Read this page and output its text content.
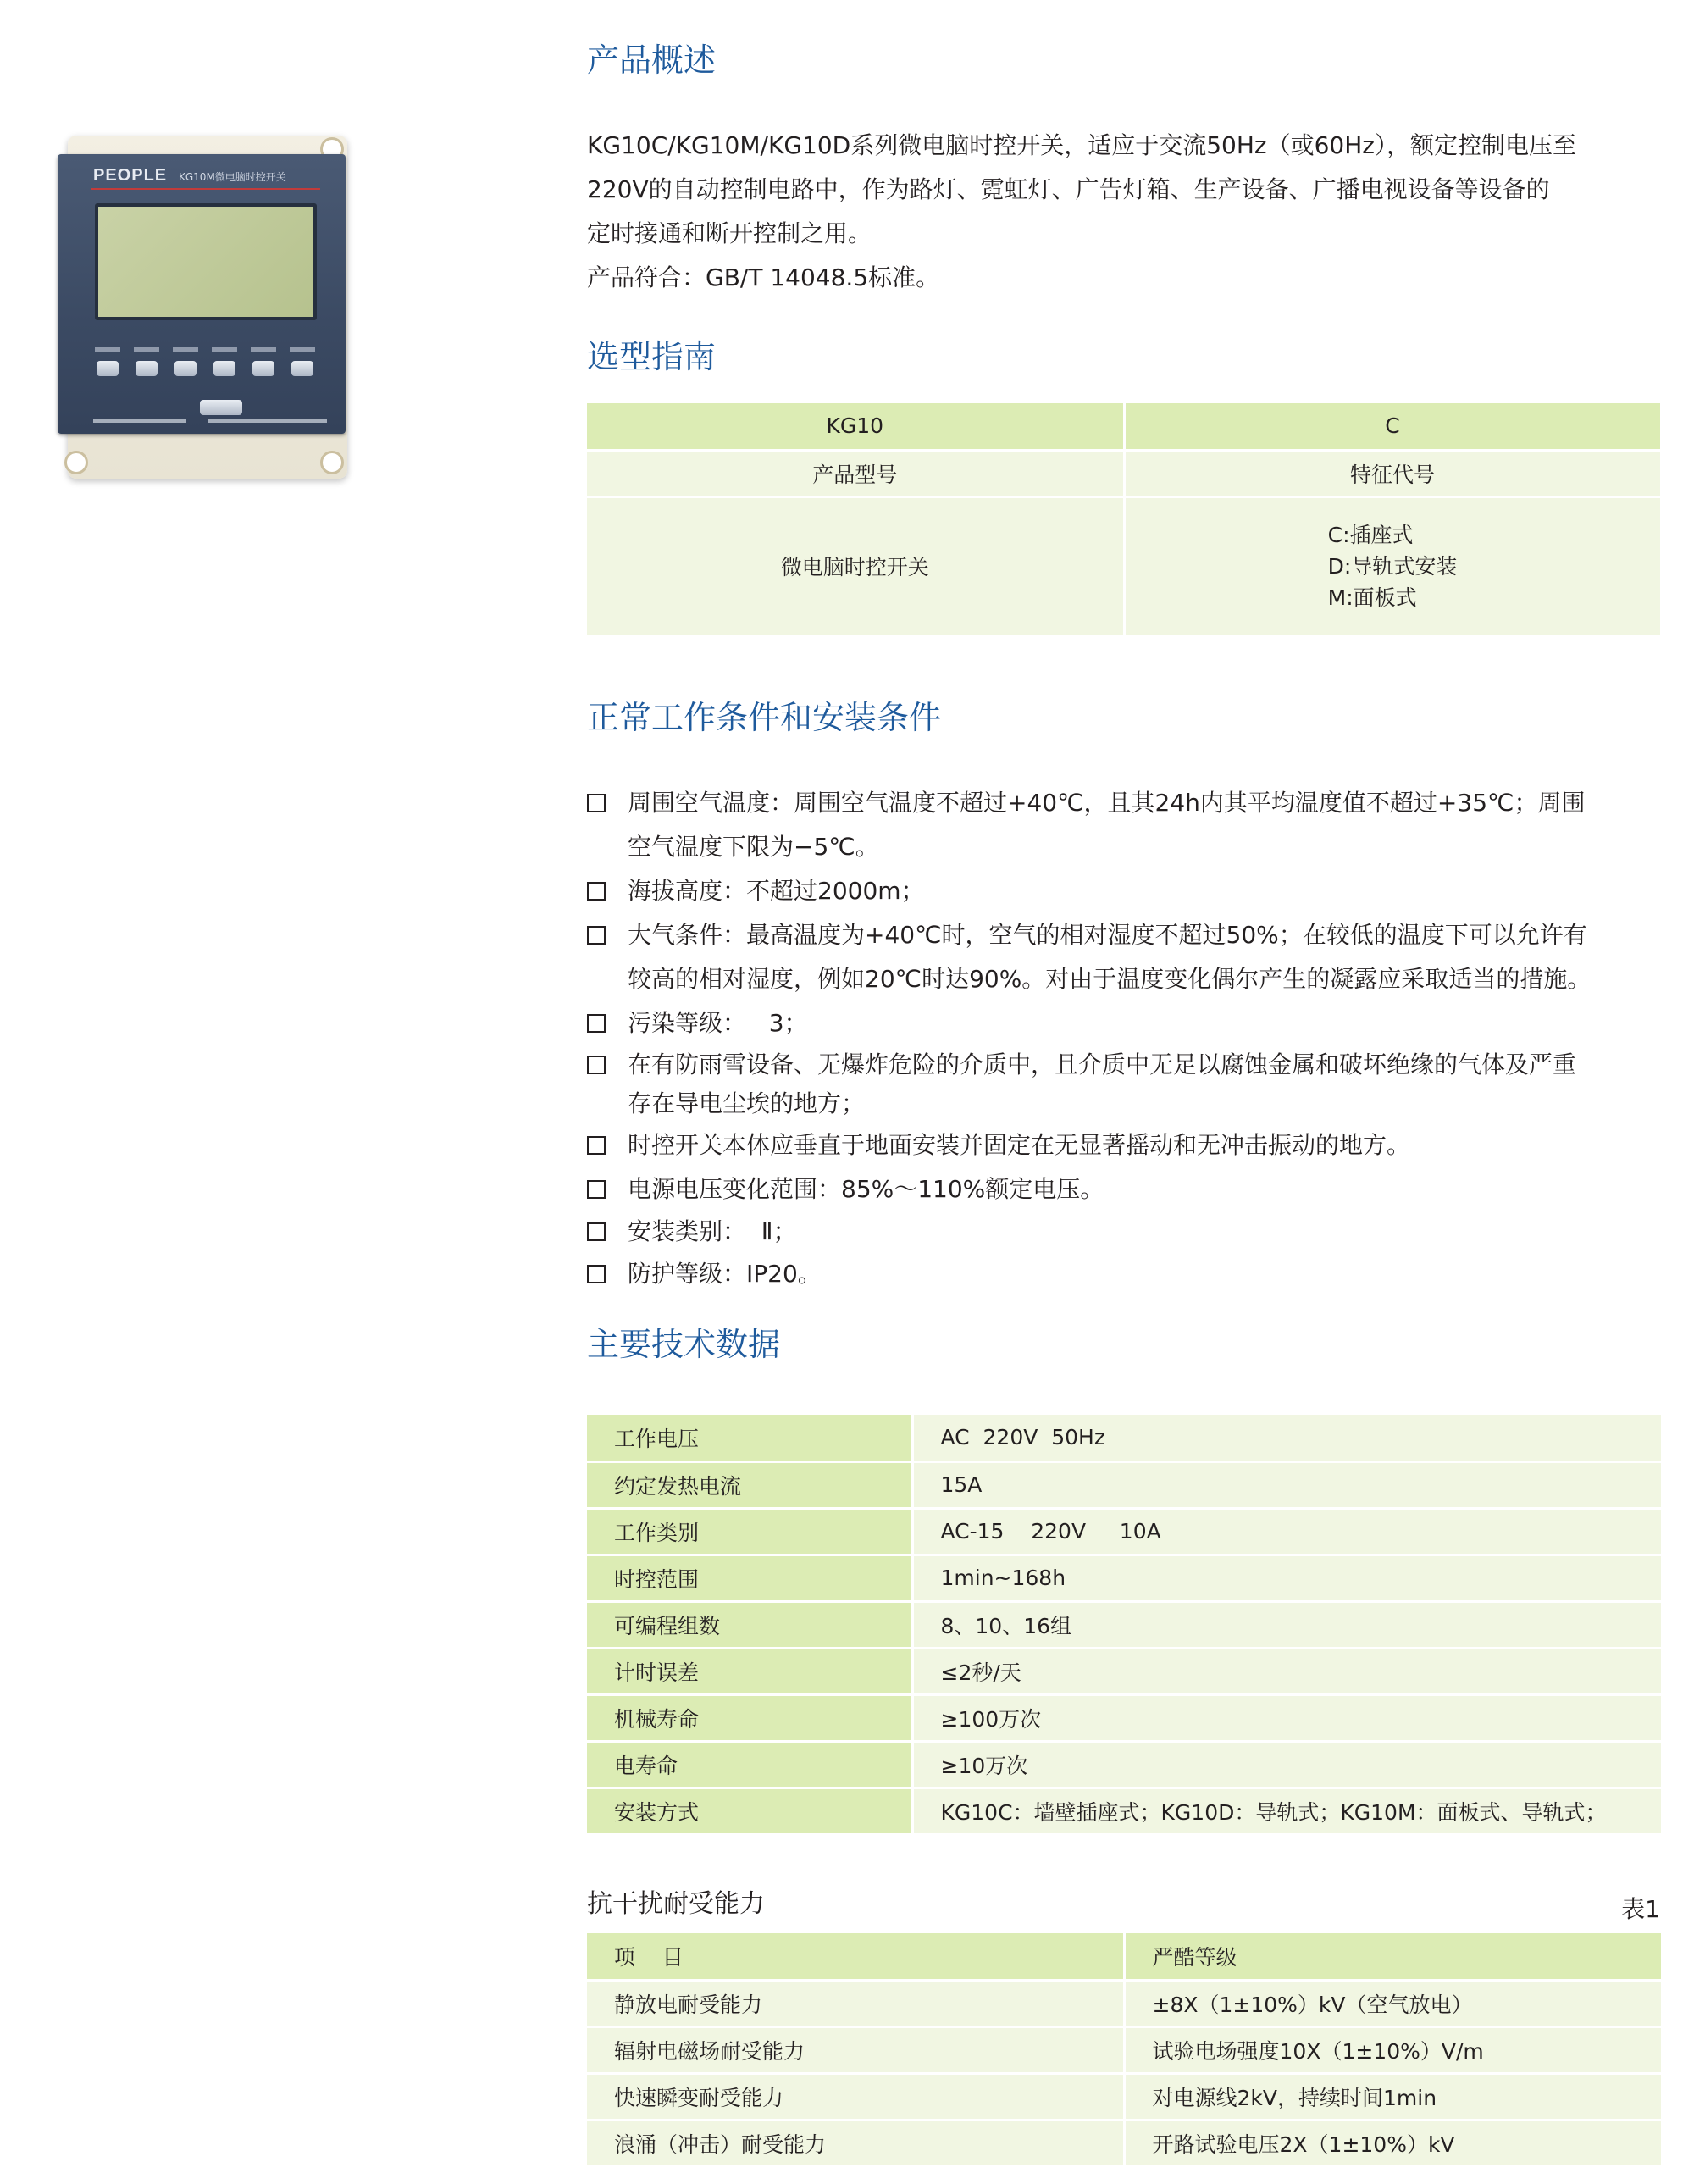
PEOPLE KG10M微电脑时控开关
产品概述
KG10C/KG10M/KG10D系列微电脑时控开关，适应于交流50Hz（或60Hz），额定控制电压至
220V的自动控制电路中，作为路灯、霓虹灯、广告灯箱、生产设备、广播电视设备等设备的
定时接通和断开控制之用。
产品符合：GB/T 14048.5标准。
选型指南
KG10	C
产品型号	特征代号
微电脑时控开关	C:插座式
D:导轨式安装
M:面板式
正常工作条件和安装条件
周围空气温度：周围空气温度不超过+40℃，且其24h内其平均温度值不超过+35℃；周围
空气温度下限为−5℃。
海拔高度：不超过2000m；
大气条件：最高温度为+40℃时，空气的相对湿度不超过50%；在较低的温度下可以允许有
较高的相对湿度，例如20℃时达90%。对由于温度变化偶尔产生的凝露应采取适当的措施。
污染等级：   3；
在有防雨雪设备、无爆炸危险的介质中，且介质中无足以腐蚀金属和破坏绝缘的气体及严重
存在导电尘埃的地方；
时控开关本体应垂直于地面安装并固定在无显著摇动和无冲击振动的地方。
电源电压变化范围：85%～110%额定电压。
安装类别：  Ⅱ；
防护等级：IP20。
主要技术数据
工作电压	AC  220V  50Hz
约定发热电流	15A
工作类别	AC-15    220V     10A
时控范围	1min~168h
可编程组数	8、10、16组
计时误差	≤2秒/天
机械寿命	≥100万次
电寿命	≥10万次
安装方式	KG10C：墙壁插座式；KG10D：导轨式；KG10M：面板式、导轨式；
抗干扰耐受能力	表1
项    目	严酷等级
静放电耐受能力	±8X（1±10%）kV（空气放电）
辐射电磁场耐受能力	试验电场强度10X（1±10%）V/m
快速瞬变耐受能力	对电源线2kV，持续时间1min
浪涌（冲击）耐受能力	开路试验电压2X（1±10%）kV
